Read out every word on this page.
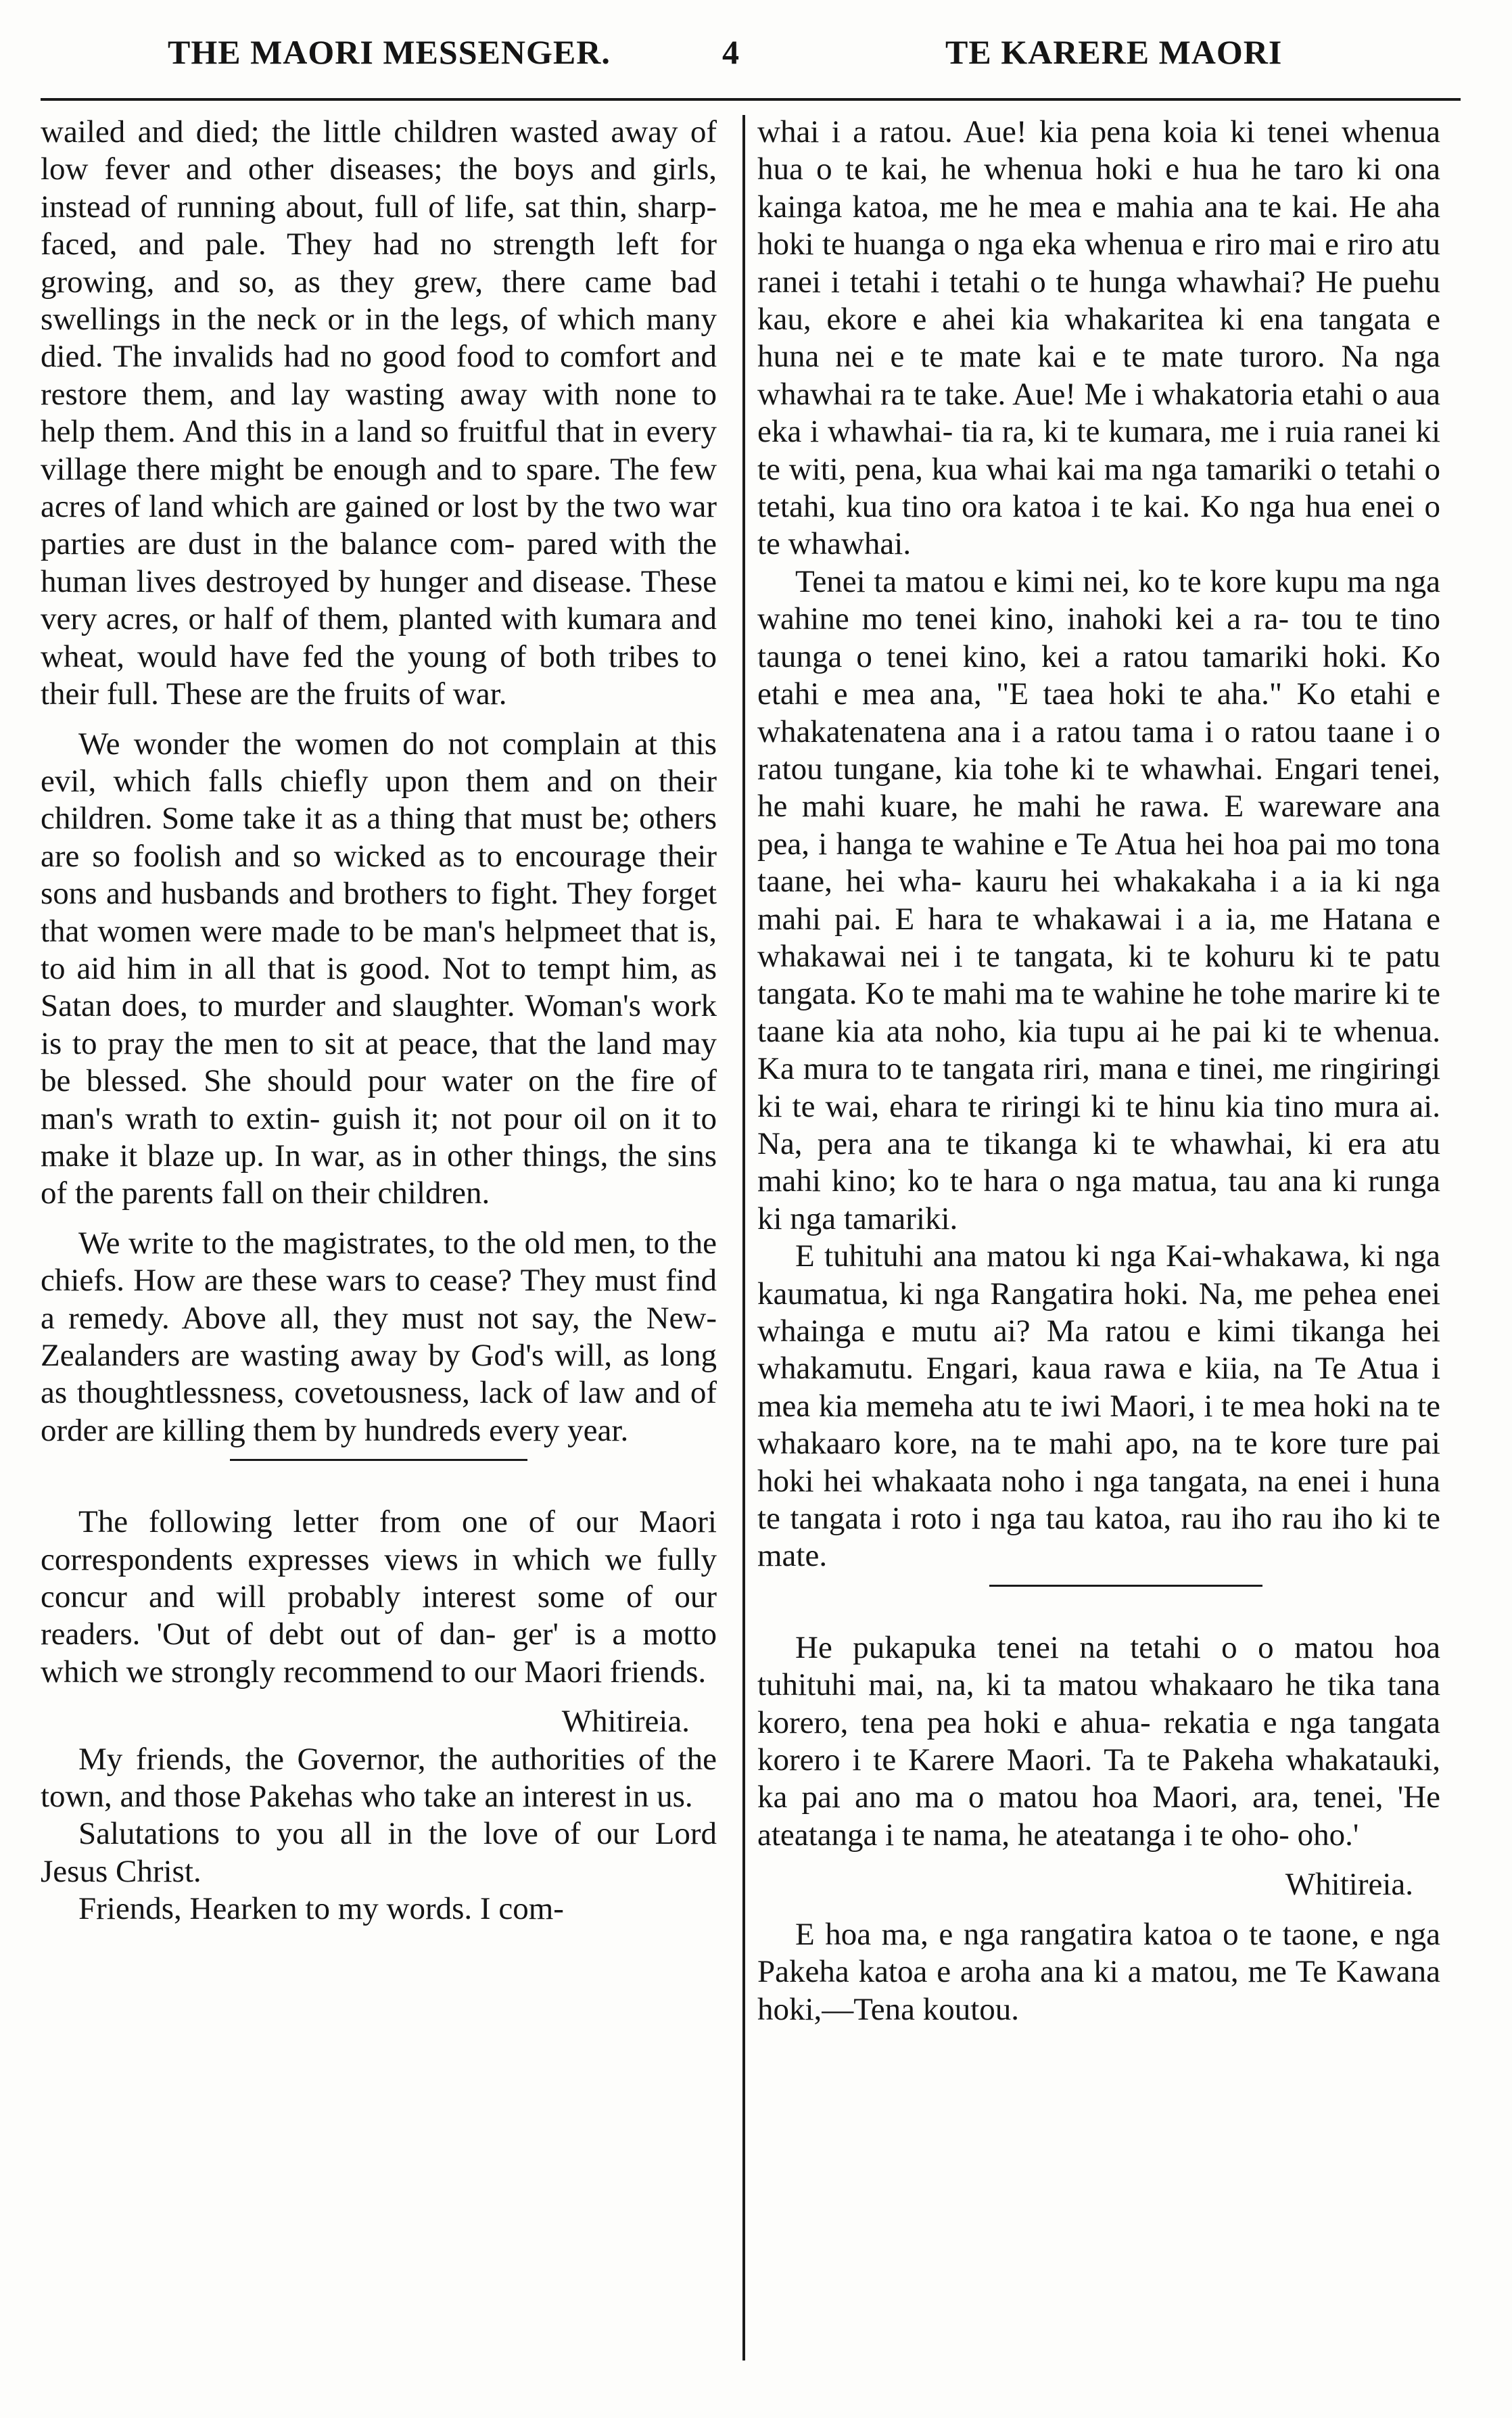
THE MAORI MESSENGER.	4	TE KARERE MAORI

wailed and died; the little children wasted away of low fever and other diseases; the boys and girls, instead of running about, full of life, sat thin, sharp-faced, and pale. They had no strength left for growing, and so, as they grew, there came bad swellings in the neck or in the legs, of which many died. The invalids had no good food to comfort and restore them, and lay wasting away with none to help them. And this in a land so fruitful that in every village there might be enough and to spare. The few acres of land which are gained or lost by the two war parties are dust in the balance com- pared with the human lives destroyed by hunger and disease. These very acres, or half of them, planted with kumara and wheat, would have fed the young of both tribes to their full. These are the fruits of war.

We wonder the women do not complain at this evil, which falls chiefly upon them and on their children. Some take it as a thing that must be; others are so foolish and so wicked as to encourage their sons and husbands and brothers to fight. They forget that women were made to be man's helpmeet that is, to aid him in all that is good. Not to tempt him, as Satan does, to murder and slaughter. Woman's work is to pray the men to sit at peace, that the land may be blessed. She should pour water on the fire of man's wrath to extin- guish it; not pour oil on it to make it blaze up. In war, as in other things, the sins of the parents fall on their children.

We write to the magistrates, to the old men, to the chiefs. How are these wars to cease? They must find a remedy. Above all, they must not say, the New-Zealanders are wasting away by God's will, as long as thoughtlessness, covetousness, lack of law and of order are killing them by hundreds every year.

The following letter from one of our Maori correspondents expresses views in which we fully concur and will probably interest some of our readers. 'Out of debt out of dan- ger' is a motto which we strongly recommend to our Maori friends.

Whitireia.

My friends, the Governor, the authorities of the town, and those Pakehas who take an interest in us.

Salutations to you all in the love of our Lord Jesus Christ.

Friends, Hearken to my words. I com-

whai i a ratou. Aue! kia pena koia ki tenei whenua hua o te kai, he whenua hoki e hua he taro ki ona kainga katoa, me he mea e mahia ana te kai. He aha hoki te huanga o nga eka whenua e riro mai e riro atu ranei i tetahi i tetahi o te hunga whawhai? He puehu kau, ekore e ahei kia whakaritea ki ena tangata e huna nei e te mate kai e te mate turoro. Na nga whawhai ra te take. Aue! Me i whakatoria etahi o aua eka i whawhai- tia ra, ki te kumara, me i ruia ranei ki te witi, pena, kua whai kai ma nga tamariki o tetahi o tetahi, kua tino ora katoa i te kai. Ko nga hua enei o te whawhai.

Tenei ta matou e kimi nei, ko te kore kupu ma nga wahine mo tenei kino, inahoki kei a ra- tou te tino taunga o tenei kino, kei a ratou tamariki hoki. Ko etahi e mea ana, "E taea hoki te aha." Ko etahi e whakatenatena ana i a ratou tama i o ratou taane i o ratou tungane, kia tohe ki te whawhai. Engari tenei, he mahi kuare, he mahi he rawa. E wareware ana pea, i hanga te wahine e Te Atua hei hoa pai mo tona taane, hei wha- kauru hei whakakaha i a ia ki nga mahi pai. E hara te whakawai i a ia, me Hatana e whakawai nei i te tangata, ki te kohuru ki te patu tangata. Ko te mahi ma te wahine he tohe marire ki te taane kia ata noho, kia tupu ai he pai ki te whenua. Ka mura to te tangata riri, mana e tinei, me ringiringi ki te wai, ehara te riringi ki te hinu kia tino mura ai. Na, pera ana te tikanga ki te whawhai, ki era atu mahi kino; ko te hara o nga matua, tau ana ki runga ki nga tamariki.

E tuhituhi ana matou ki nga Kai-whakawa, ki nga kaumatua, ki nga Rangatira hoki. Na, me pehea enei whainga e mutu ai? Ma ratou e kimi tikanga hei whakamutu. Engari, kaua rawa e kiia, na Te Atua i mea kia memeha atu te iwi Maori, i te mea hoki na te whakaaro kore, na te mahi apo, na te kore ture pai hoki hei whakaata noho i nga tangata, na enei i huna te tangata i roto i nga tau katoa, rau iho rau iho ki te mate.

He pukapuka tenei na tetahi o o matou hoa tuhituhi mai, na, ki ta matou whakaaro he tika tana korero, tena pea hoki e ahua- rekatia e nga tangata korero i te Karere Maori. Ta te Pakeha whakatauki, ka pai ano ma o matou hoa Maori, ara, tenei, 'He ateatanga i te nama, he ateatanga i te oho- oho.'

Whitireia.

E hoa ma, e nga rangatira katoa o te taone, e nga Pakeha katoa e aroha ana ki a matou, me Te Kawana hoki,—Tena koutou.
